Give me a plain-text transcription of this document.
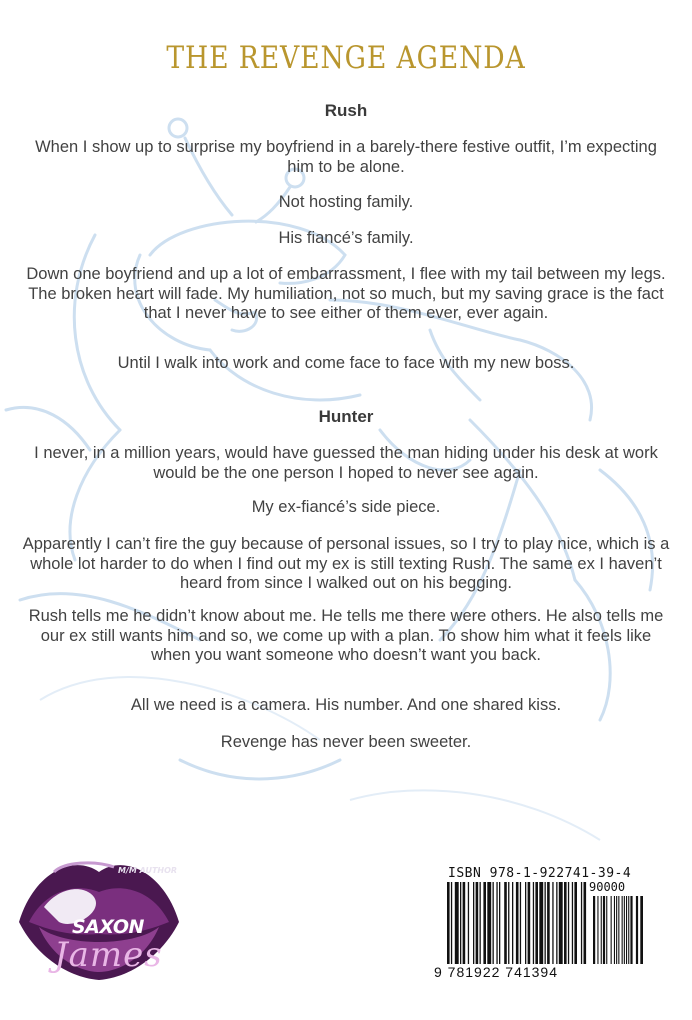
THE REVENGE AGENDA
Rush
When I show up to surprise my boyfriend in a barely-there festive outfit, I’m expecting him to be alone.
Not hosting family.
His fiancé’s family.
Down one boyfriend and up a lot of embarrassment, I flee with my tail between my legs. The broken heart will fade. My humiliation, not so much, but my saving grace is the fact that I never have to see either of them ever, ever again.
Until I walk into work and come face to face with my new boss.
Hunter
I never, in a million years, would have guessed the man hiding under his desk at work would be the one person I hoped to never see again.
My ex-fiancé’s side piece.
Apparently I can’t fire the guy because of personal issues, so I try to play nice, which is a whole lot harder to do when I find out my ex is still texting Rush. The same ex I haven’t heard from since I walked out on his begging.
Rush tells me he didn’t know about me. He tells me there were others. He also tells me our ex still wants him and so, we come up with a plan. To show him what it feels like when you want someone who doesn’t want you back.
All we need is a camera. His number. And one shared kiss.
Revenge has never been sweeter.
M/M AUTHOR
SAXON
James
ISBN 978-1-922741-39-4
90000
9 781922 741394
